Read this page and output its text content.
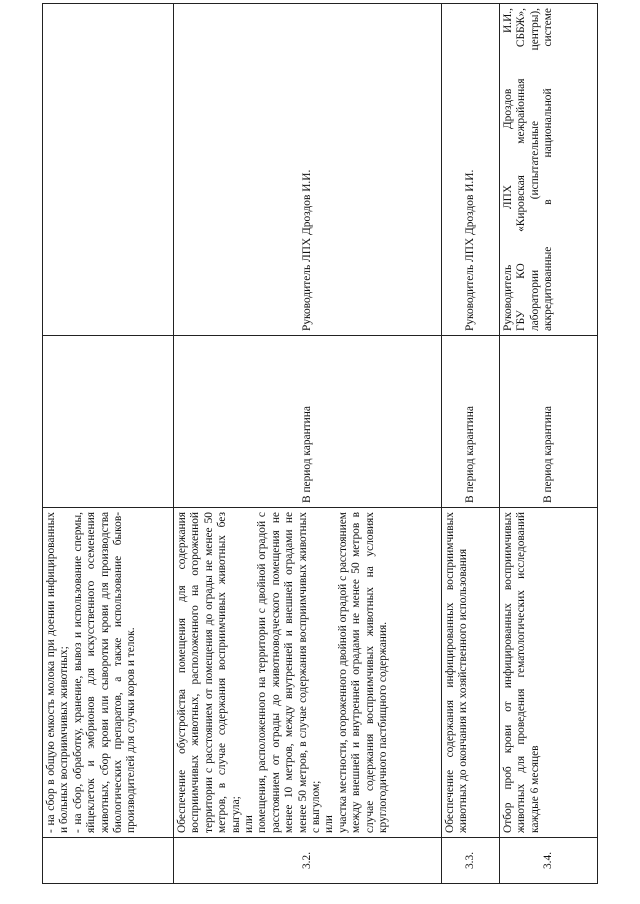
	- на сбор в общую емкость молока при доении инфицированных и больных восприимчивых животных; - на сбор, обработку, хранение, вывоз и использование спермы, яйцеклеток и эмбрионов для искусственного осеменения животных, сбор крови или сыворотки крови для производства биологических препаратов, а также использование быков-производителей для случки коров и телок.		

3.2.	Обеспечение обустройства помещения для содержания восприимчивых животных, расположенного на огороженной территории с расстоянием от помещения до ограды не менее 50 метров, в случае содержания восприимчивых животных без выгула; или помещения, расположенного на территории с двойной оградой с расстоянием от ограды до животноводческого помещения не менее 10 метров, между внутренней и внешней оградами не менее 50 метров, в случае содержания восприимчивых животных с выгулом; или участка местности, огороженного двойной оградой с расстоянием между внешней и внутренней оградами не менее 50 метров в случае содержания восприимчивых животных на условиях круглогодичного пастбищного содержания.	В период карантина	Руководитель ЛПХ Дроздов И.И.
3.3.	Обеспечение содержания инфицированных восприимчивых животных до окончания их хозяйственного использования	В период карантина	Руководитель ЛПХ Дроздов И.И.
3.4.	Отбор проб крови от инфицированных восприимчивых животных для проведения гематологических исследований каждые 6 месяцев	В период карантина	Руководитель ЛПХ Дроздов И.И., ГБУ КО «Кировская межрайонная СББЖ», лаборатории (испытательные центры), аккредитованные в национальной системе
